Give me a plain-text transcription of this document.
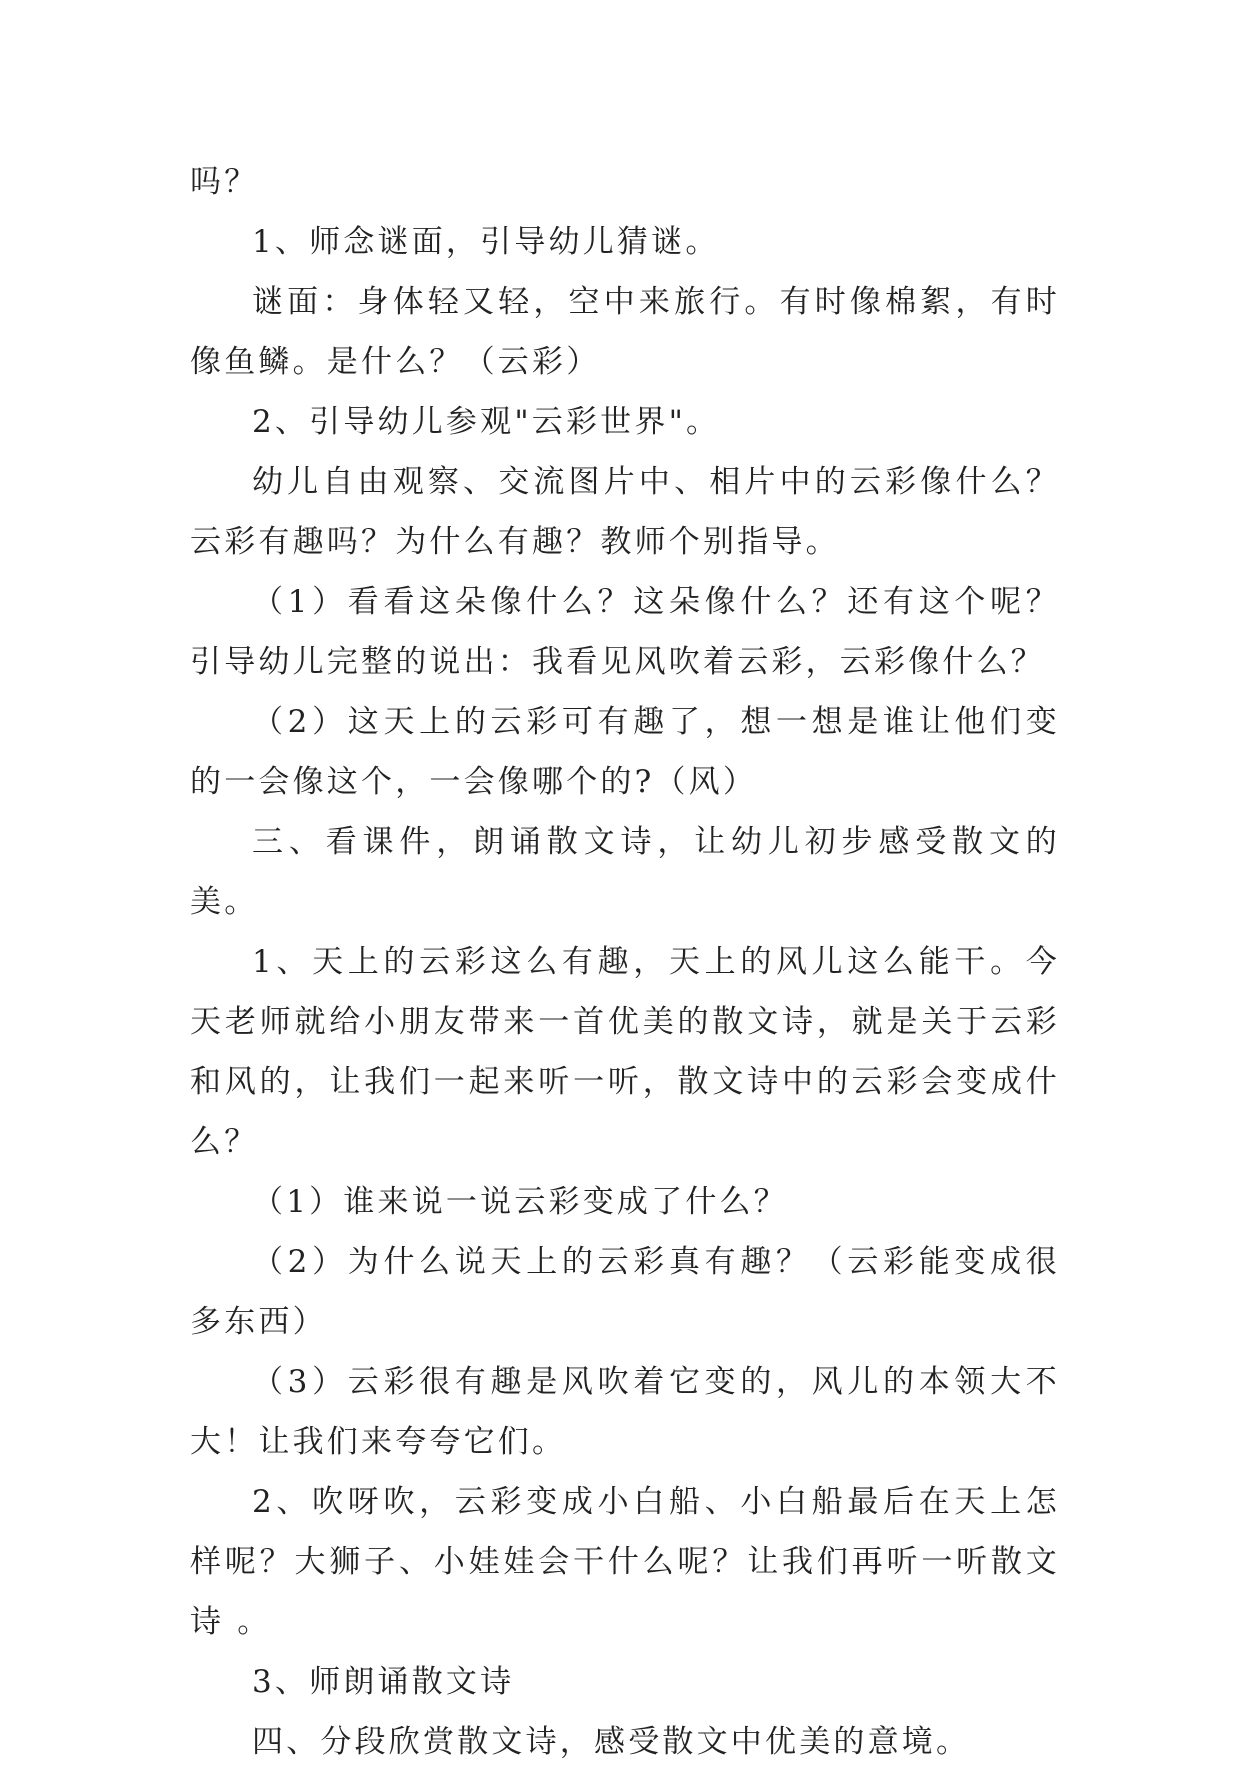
吗？

1、师念谜面，引导幼儿猜谜。

谜面：身体轻又轻，空中来旅行。有时像棉絮，有时像鱼鳞。是什么？（云彩）

2、引导幼儿参观"云彩世界"。

幼儿自由观察、交流图片中、相片中的云彩像什么？云彩有趣吗？为什么有趣？教师个别指导。

（1）看看这朵像什么？这朵像什么？还有这个呢？ 引导幼儿完整的说出：我看见风吹着云彩，云彩像什么？

（2）这天上的云彩可有趣了，想一想是谁让他们变的一会像这个，一会像哪个的?（风）

三、看课件，朗诵散文诗，让幼儿初步感受散文的美。

1、天上的云彩这么有趣，天上的风儿这么能干。今天老师就给小朋友带来一首优美的散文诗，就是关于云彩和风的，让我们一起来听一听，散文诗中的云彩会变成什么？

（1）谁来说一说云彩变成了什么？

（2）为什么说天上的云彩真有趣？（云彩能变成很多东西）

（3）云彩很有趣是风吹着它变的，风儿的本领大不大！让我们来夸夸它们。

2、吹呀吹，云彩变成小白船、小白船最后在天上怎样呢？大狮子、小娃娃会干什么呢？让我们再听一听散文诗 。

3、师朗诵散文诗

四、分段欣赏散文诗，感受散文中优美的意境。
